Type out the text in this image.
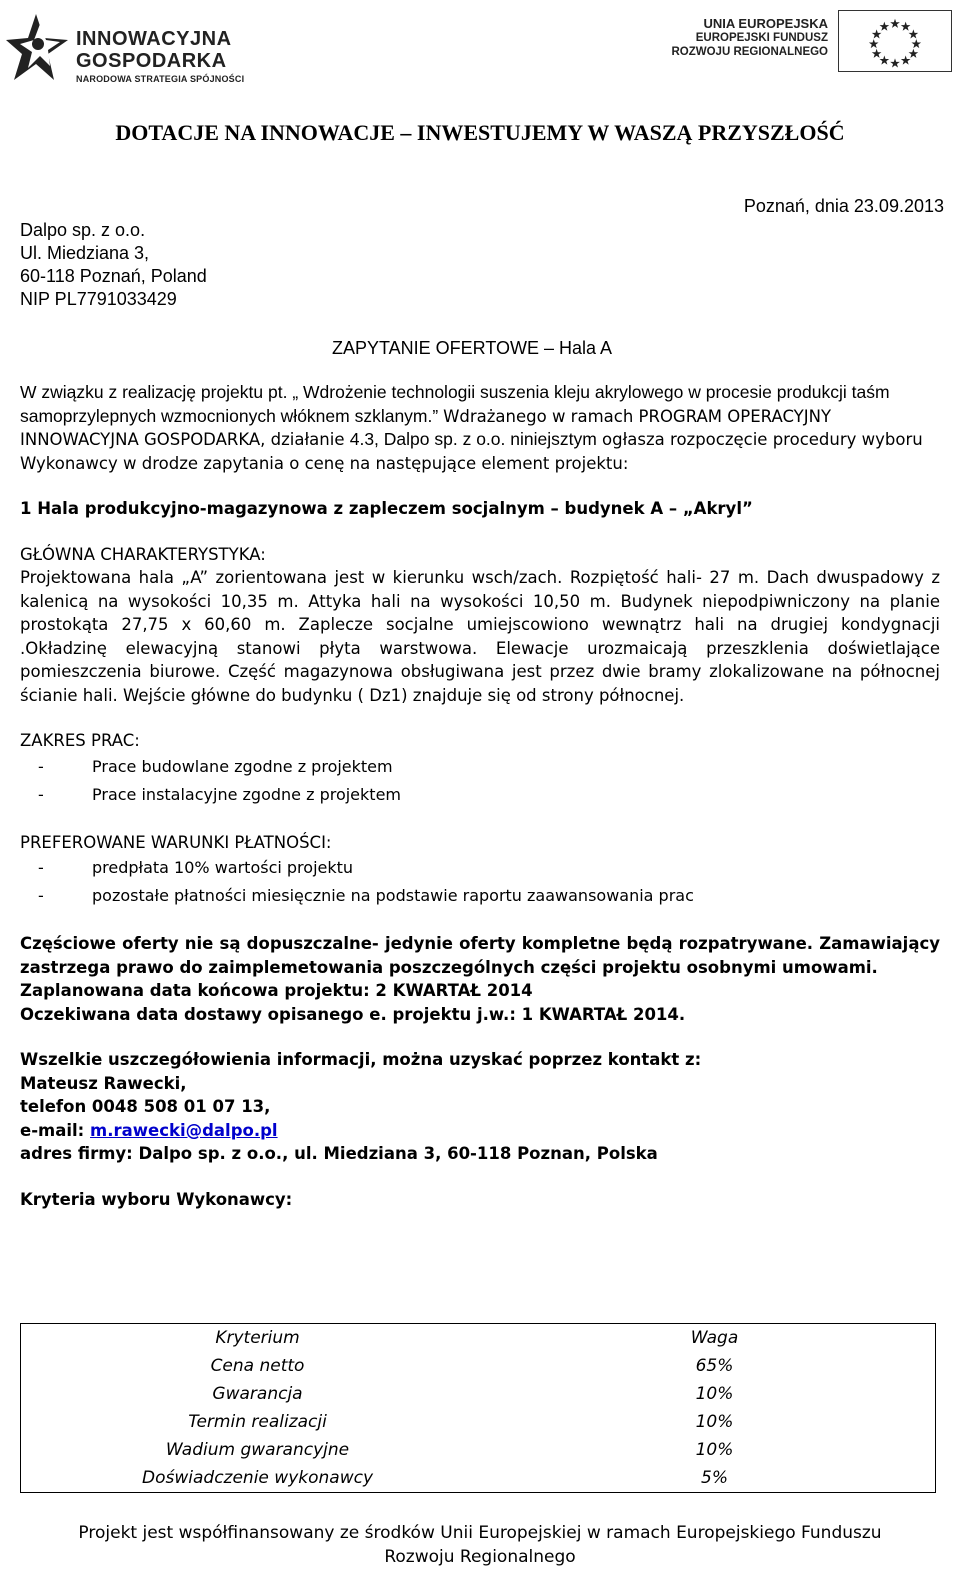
INNOWACYJNA
GOSPODARKA
NARODOWA STRATEGIA SPÓJNOŚCI
UNIA EUROPEJSKA
EUROPEJSKI FUNDUSZ
ROZWOJU REGIONALNEGO
DOTACJE NA INNOWACJE – INWESTUJEMY W WASZĄ PRZYSZŁOŚĆ
Poznań, dnia 23.09.2013
Dalpo sp. z o.o.
Ul. Miedziana 3,
60-118 Poznań, Poland
NIP PL7791033429
ZAPYTANIE OFERTOWE – Hala A

W związku z realizację projektu pt. „ Wdrożenie technologii suszenia kleju akrylowego w procesie produkcji taśm samoprzylepnych wzmocnionych włóknem szklanym.” Wdrażanego w ramach PROGRAM OPERACYJNY INNOWACYJNA GOSPODARKA, działanie 4.3, Dalpo sp. z o.o. niniejsztym ogłasza rozpoczęcie procedury wyboru Wykonawcy w drodze zapytania o cenę na następujące element projektu:

1 Hala produkcyjno-magazynowa z zapleczem socjalnym – budynek A – „Akryl”

GŁÓWNA CHARAKTERYSTYKA:

Projektowana hala „A” zorientowana jest w kierunku wsch/zach. Rozpiętość hali- 27 m. Dach dwuspadowy z kalenicą na wysokości 10,35 m. Attyka hali na wysokości 10,50 m. Budynek niepodpiwniczony na planie prostokąta 27,75 x 60,60 m. Zaplecze socjalne umiejscowiono wewnątrz hali na drugiej kondygnacji .Okładzinę elewacyjną stanowi płyta warstwowa. Elewacje urozmaicają przeszklenia doświetlające pomieszczenia biurowe. Część magazynowa obsługiwana jest przez dwie bramy zlokalizowane na północnej ścianie hali. Wejście główne do budynku ( Dz1) znajduje się od strony północnej.

ZAKRES PRAC:

-	Prace budowlane zgodne z projektem
-	Prace instalacyjne zgodne z projektem

PREFEROWANE WARUNKI PŁATNOŚCI:

-	predpłata 10% wartości projektu
-	pozostałe płatności miesięcznie na podstawie raportu zaawansowania prac

Częściowe oferty nie są dopuszczalne- jedynie oferty kompletne będą rozpatrywane. Zamawiający zastrzega prawo do zaimplemetowania poszczególnych części projektu osobnymi umowami.

Zaplanowana data końcowa projektu: 2 KWARTAŁ 2014

Oczekiwana data dostawy opisanego e. projektu j.w.: 1 KWARTAŁ 2014.

Wszelkie uszczegółowienia informacji, można uzyskać poprzez kontakt z:

Mateusz Rawecki,

telefon 0048 508 01 07 13,

e-mail: m.rawecki@dalpo.pl

adres firmy: Dalpo sp. z o.o., ul. Miedziana 3, 60-118 Poznan, Polska

Kryteria wyboru Wykonawcy:

Kryterium	Waga
Cena netto	65%
Gwarancja	10%
Termin realizacji	10%
Wadium gwarancyjne	10%
Doświadczenie wykonawcy	5%
Projekt jest współfinansowany ze środków Unii Europejskiej w ramach Europejskiego Funduszu
Rozwoju Regionalnego
